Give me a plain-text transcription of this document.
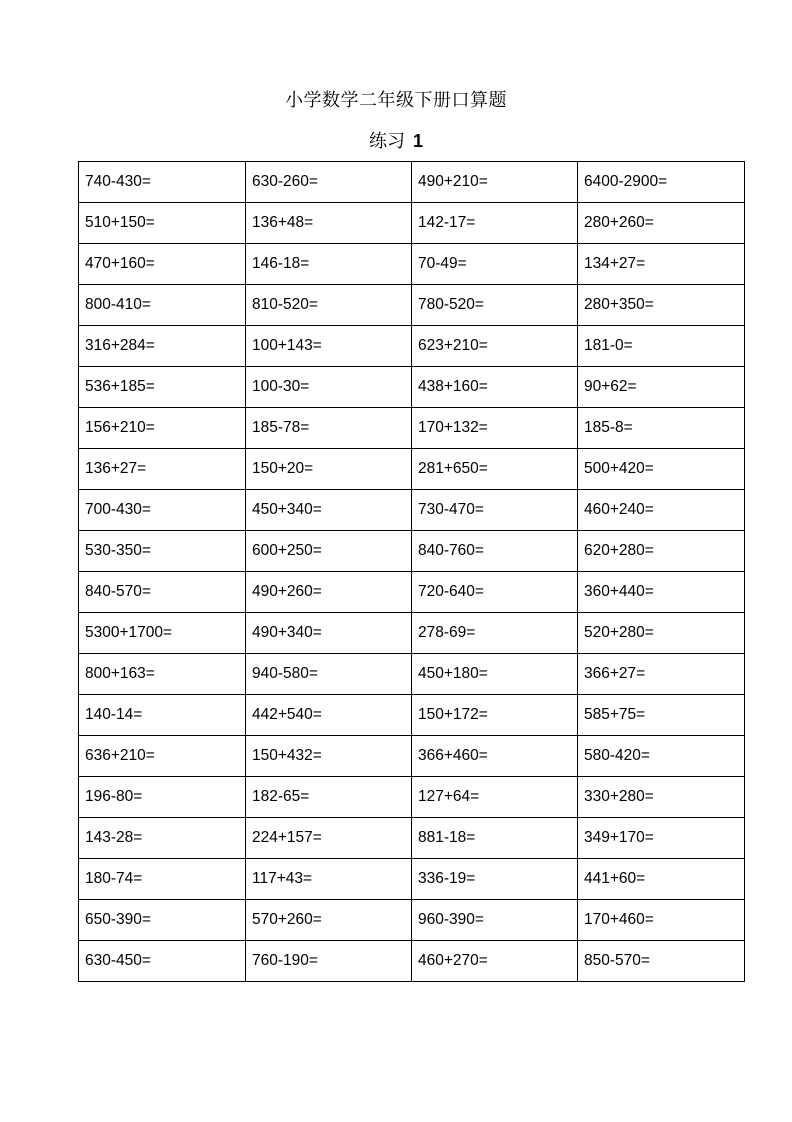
小学数学二年级下册口算题
练习 1
740-430=	630-260=	490+210=	6400-2900=
510+150=	136+48=	142-17=	280+260=
470+160=	146-18=	70-49=	134+27=
800-410=	810-520=	780-520=	280+350=
316+284=	100+143=	623+210=	181-0=
536+185=	100-30=	438+160=	90+62=
156+210=	185-78=	170+132=	185-8=
136+27=	150+20=	281+650=	500+420=
700-430=	450+340=	730-470=	460+240=
530-350=	600+250=	840-760=	620+280=
840-570=	490+260=	720-640=	360+440=
5300+1700=	490+340=	278-69=	520+280=
800+163=	940-580=	450+180=	366+27=
140-14=	442+540=	150+172=	585+75=
636+210=	150+432=	366+460=	580-420=
196-80=	182-65=	127+64=	330+280=
143-28=	224+157=	881-18=	349+170=
180-74=	117+43=	336-19=	441+60=
650-390=	570+260=	960-390=	170+460=
630-450=	760-190=	460+270=	850-570=
